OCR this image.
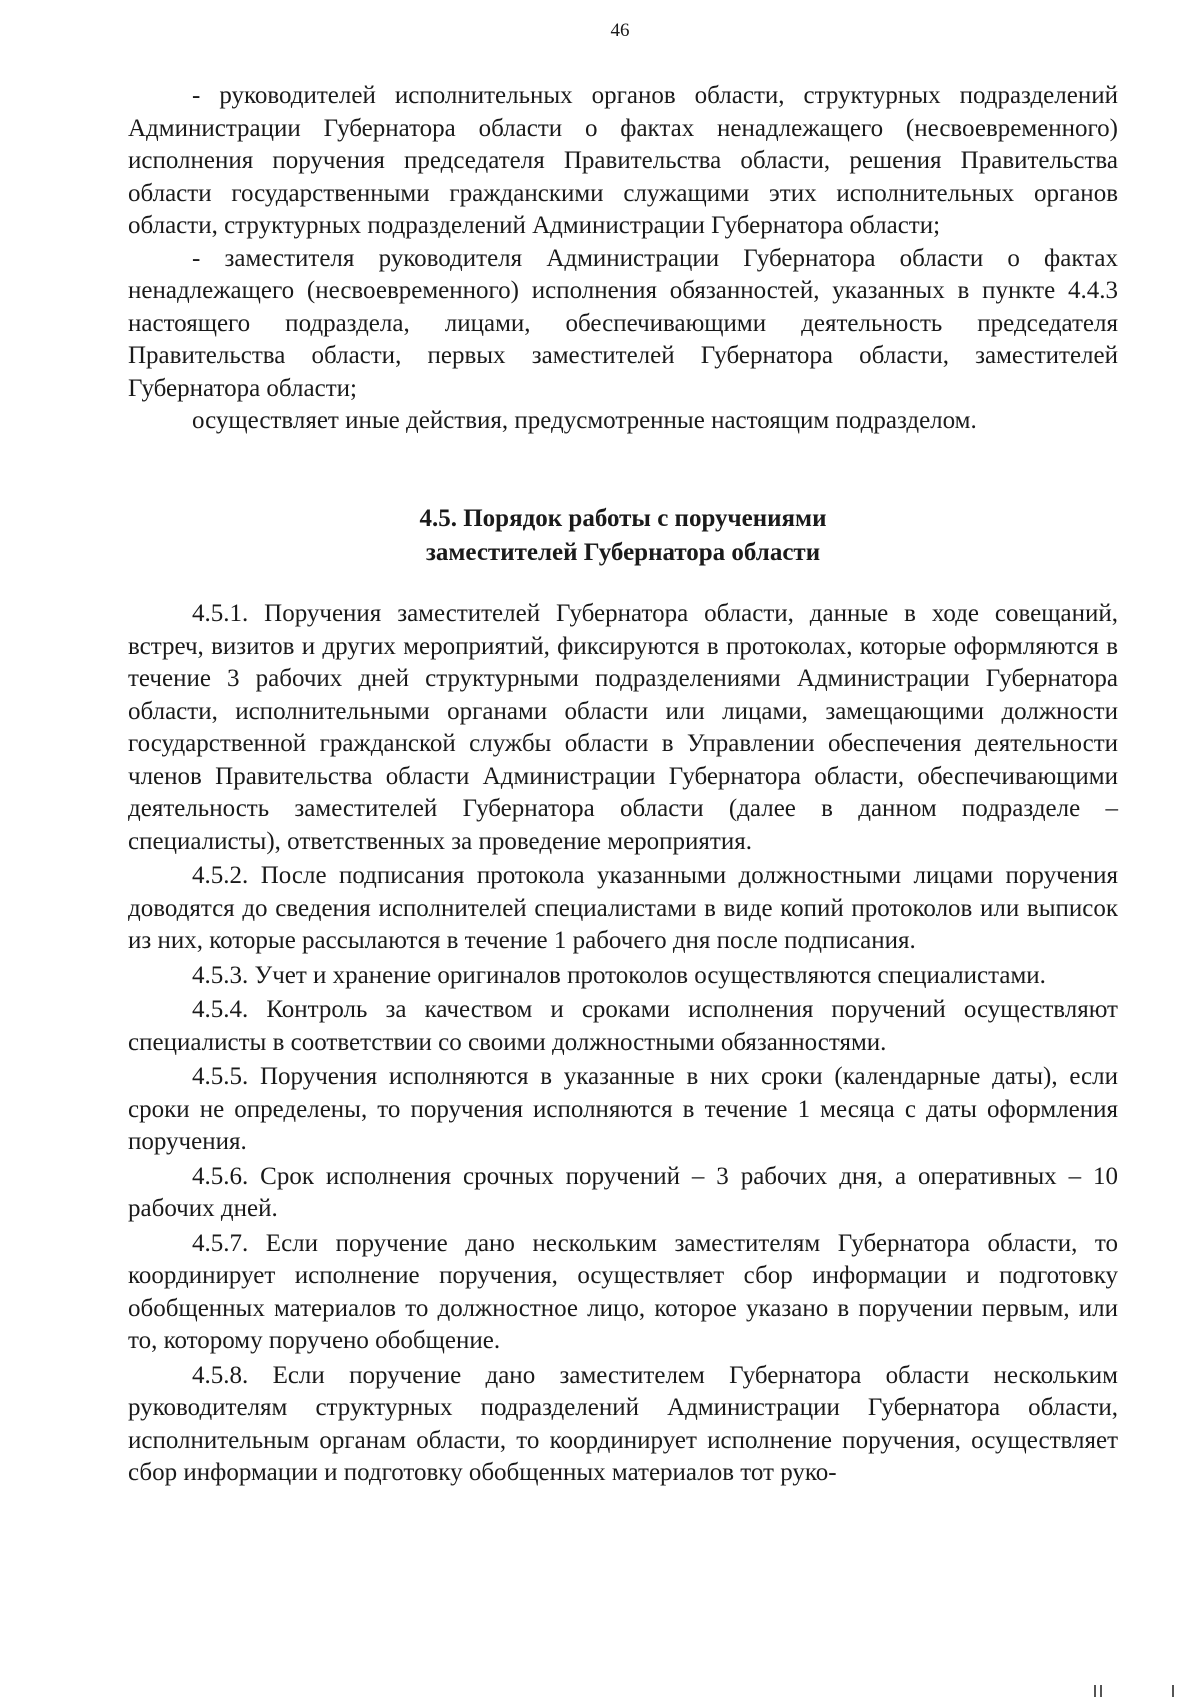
46

- руководителей исполнительных органов области, структурных подразделений Администрации Губернатора области о фактах ненадлежащего (несвоевременного) исполнения поручения председателя Правительства области, решения Правительства области государственными гражданскими служащими этих исполнительных органов области, структурных подразделений Администрации Губернатора области;

- заместителя руководителя Администрации Губернатора области о фактах ненадлежащего (несвоевременного) исполнения обязанностей, указанных в пункте 4.4.3 настоящего подраздела, лицами, обеспечивающими деятельность председателя Правительства области, первых заместителей Губернатора области, заместителей Губернатора области;

осуществляет иные действия, предусмотренные настоящим подразделом.

4.5. Порядок работы с поручениями
заместителей Губернатора области

4.5.1. Поручения заместителей Губернатора области, данные в ходе совещаний, встреч, визитов и других мероприятий, фиксируются в протоколах, которые оформляются в течение 3 рабочих дней структурными подразделениями Администрации Губернатора области, исполнительными органами области или лицами, замещающими должности государственной гражданской службы области в Управлении обеспечения деятельности членов Правительства области Администрации Губернатора области, обеспечивающими деятельность заместителей Губернатора области (далее в данном подразделе – специалисты), ответственных за проведение мероприятия.

4.5.2. После подписания протокола указанными должностными лицами поручения доводятся до сведения исполнителей специалистами в виде копий протоколов или выписок из них, которые рассылаются в течение 1 рабочего дня после подписания.

4.5.3. Учет и хранение оригиналов протоколов осуществляются специалистами.

4.5.4. Контроль за качеством и сроками исполнения поручений осуществляют специалисты в соответствии со своими должностными обязанностями.

4.5.5. Поручения исполняются в указанные в них сроки (календарные даты), если сроки не определены, то поручения исполняются в течение 1 месяца с даты оформления поручения.

4.5.6. Срок исполнения срочных поручений – 3 рабочих дня, а оперативных – 10 рабочих дней.

4.5.7. Если поручение дано нескольким заместителям Губернатора области, то координирует исполнение поручения, осуществляет сбор информации и подготовку обобщенных материалов то должностное лицо, которое указано в поручении первым, или то, которому поручено обобщение.

4.5.8. Если поручение дано заместителем Губернатора области нескольким руководителям структурных подразделений Администрации Губернатора области, исполнительным органам области, то координирует исполнение поручения, осуществляет сбор информации и подготовку обобщенных материалов тот руко-
